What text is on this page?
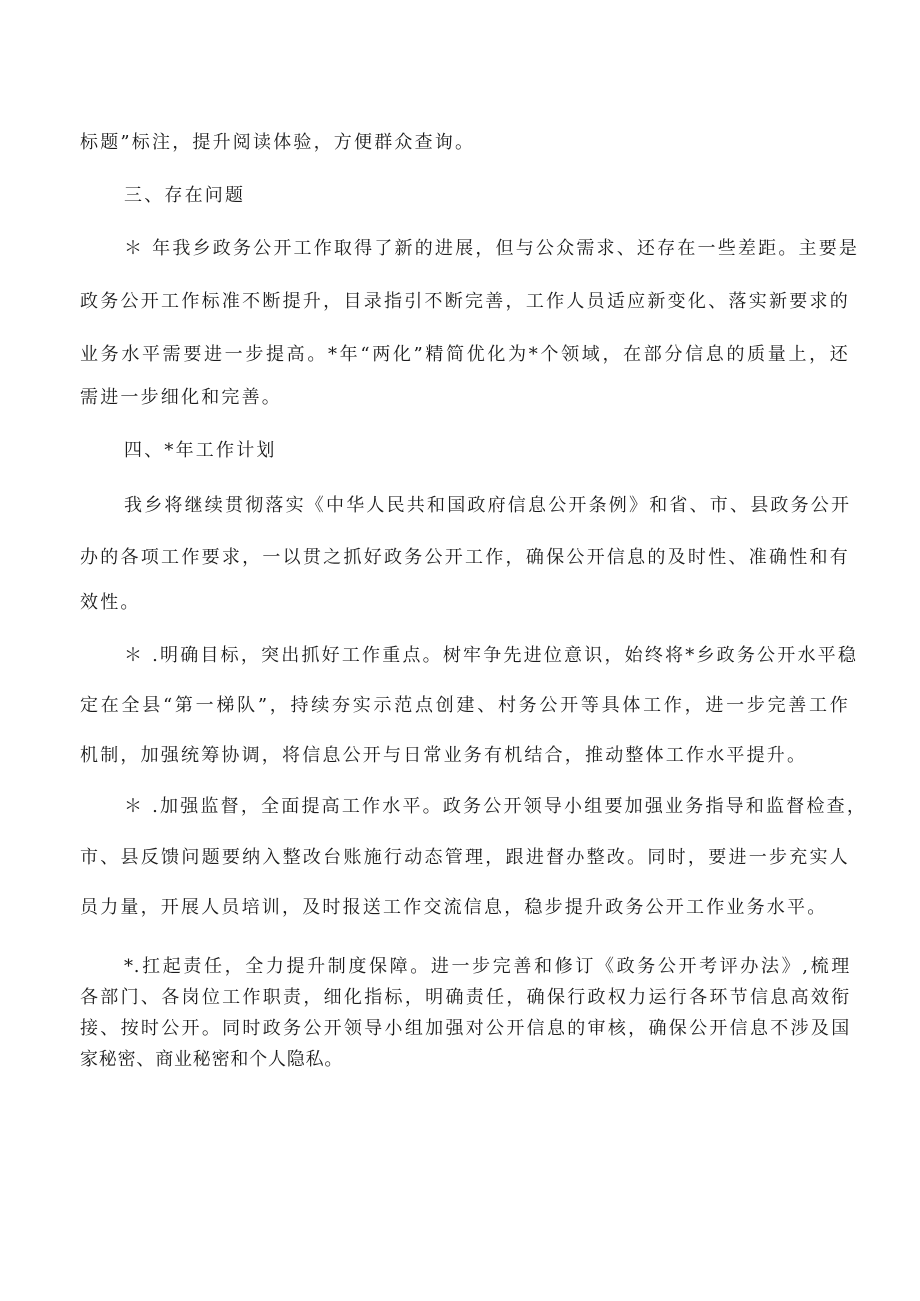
标题”标注，提升阅读体验，方便群众查询。
三、存在问题
＊ 年我乡政务公开工作取得了新的进展，但与公众需求、还存在一些差距。主要是
政务公开工作标准不断提升，目录指引不断完善，工作人员适应新变化、落实新要求的
业务水平需要进一步提高。*年“两化”精简优化为*个领域，在部分信息的质量上，还
需进一步细化和完善。
四、*年工作计划
我乡将继续贯彻落实《中华人民共和国政府信息公开条例》和省、市、县政务公开
办的各项工作要求，一以贯之抓好政务公开工作，确保公开信息的及时性、准确性和有
效性。
＊ .明确目标，突出抓好工作重点。树牢争先进位意识，始终将*乡政务公开水平稳
定在全县“第一梯队”，持续夯实示范点创建、村务公开等具体工作，进一步完善工作
机制，加强统筹协调，将信息公开与日常业务有机结合，推动整体工作水平提升。
＊ .加强监督，全面提高工作水平。政务公开领导小组要加强业务指导和监督检查，
市、县反馈问题要纳入整改台账施行动态管理，跟进督办整改。同时，要进一步充实人
员力量，开展人员培训，及时报送工作交流信息，稳步提升政务公开工作业务水平。
*.扛起责任，全力提升制度保障。进一步完善和修订《政务公开考评办法》,梳理
各部门、各岗位工作职责，细化指标，明确责任，确保行政权力运行各环节信息高效衔
接、按时公开。同时政务公开领导小组加强对公开信息的审核，确保公开信息不涉及国
家秘密、商业秘密和个人隐私。
